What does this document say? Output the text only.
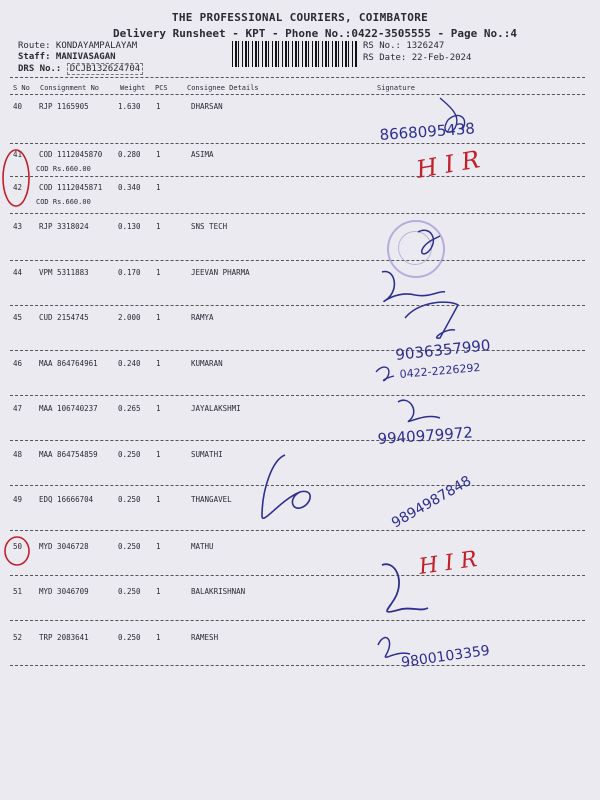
THE PROFESSIONAL COURIERS, COIMBATORE
Delivery Runsheet - KPT - Phone No.:0422-3505555 - Page No.:4
Route: KONDAYAMPALAYAM
Staff: MANIVASAGAN
DRS No.: DCJB132624704
RS No.: 1326247
RS Date: 22-Feb-2024
S No Consignment No	Weight PCS	Consignee Details	Signature
40 RJP 1165905	1.630 1	DHARSAN
41 COD 1112045870 0.280 1	ASIMA
COD Rs.660.00
42 COD 1112045871 0.340 1
COD Rs.660.00
43 RJP 3318024	0.130 1	SNS TECH
44 VPM 5311883	0.170 1	JEEVAN PHARMA
45 CUD 2154745	2.000 1	RAMYA
46 MAA 864764961	0.240 1	KUMARAN
47 MAA 106740237	0.265 1	JAYALAKSHMI
48 MAA 864754859	0.250 1	SUMATHI
49 EDQ 16666704	0.250 1	THANGAVEL
50 MYD 3046728	0.250 1	MATHU
51 MYD 3046709	0.250 1	BALAKRISHNAN
52 TRP 2083641	0.250 1	RAMESH
8668095438
H I R
9036357990
0422-2226292
9940979972
9894987848
H I R
9800103359
